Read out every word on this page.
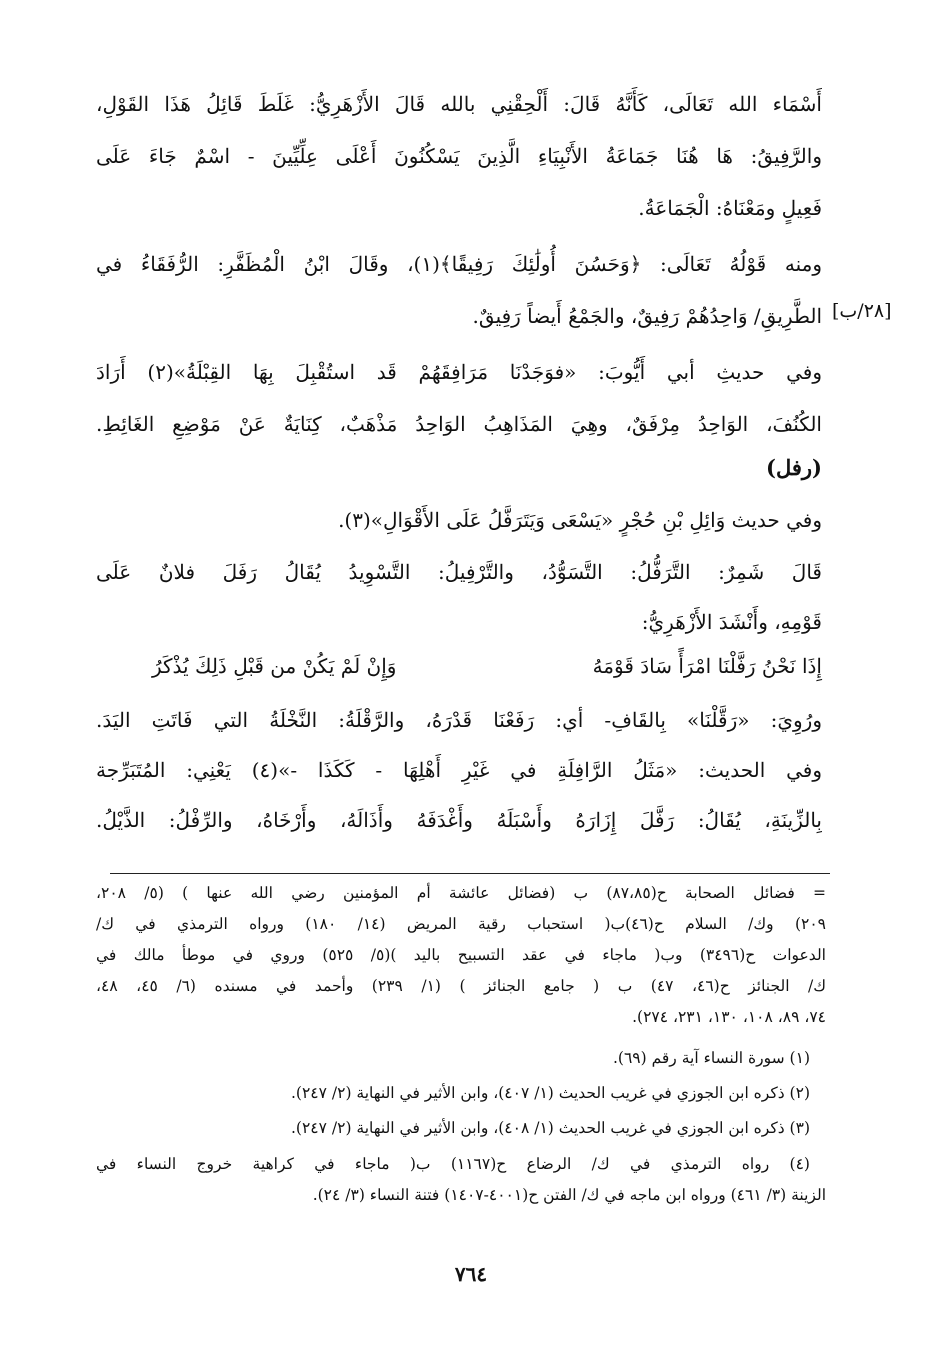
أَسْمَاء الله تَعَالَى، كَأَنَّهُ قَالَ: أَلْحِقْنِي بالله قَالَ الأَزْهَرِيُّ: غَلَطَ قَائِلُ هَذَا القَوْلِ،
والرَّفِيقُ: هَا هُنَا جَمَاعَةُ الأَنْبِيَاءِ الَّذِينَ يَسْكُنُونَ أَعْلَى عِلِّيِّينَ - اسْمٌ جَاءَ عَلَى
فَعِيلٍ ومَعْنَاهُ: الْجَمَاعَةُ.
ومنه قَوْلُهُ تَعَالَى: ﴿وَحَسُنَ أُولَٰئِكَ رَفِيقًا﴾(١)، وقَالَ ابْنُ الْمُظَفَّرِ: الرُّفَقَاءُ في
الطَّرِيقِ/ وَاحِدُهُمْ رَفِيقٌ، والجَمْعُ أَيضاً رَفِيقٌ.
وفي حديثِ أبي أَيُّوبَ: «فوَجَدْنَا مَرَافِقَهُمْ قَد استُقْبِلَ بِهَا القِبْلَةُ»(٢) أَرَادَ
الكُنُفَ، الوَاحِدُ مِرْفَقٌ، وهِيَ المَذَاهِبُ الوَاحِدُ مَذْهَبٌ، كِنَايَةٌ عَنْ مَوْضِعِ الغَائِطِ.
[٢٨/ب]
(رفل)
وفي حديث وَائِلِ بْنِ حُجْرٍ «يَسْعَى وَيَتَرَفَّلُ عَلَى الأَقْوَالِ»(٣).
قَالَ شَمِرٌ: التَّرَفُّلُ: التَّسَوُّدُ، والتَّرْفِيلُ: التَّسْوِيدُ يُقَالُ رَفَلَ فلانٌ عَلَى
قَوْمِهِ، وأَنْشَدَ الأَزْهَرِيُّ:
إِذَا نَحْنُ رَفَّلْنَا امْرَأً سَادَ قَوْمَهُ
وَإِنْ لَمْ يَكُنْ من قَبْلِ ذَلِكَ يُذْكَرُ
ورُوِيَ: «رَقَّلْنَا» بِالقَافِ- أي: رَفَعْنَا قَدْرَهُ، والرَّقْلَةُ: النَّخْلَةُ التي فَاتَتِ اليَدَ.
وفي الحديث: «مَثَلُ الرَّافِلَةِ في غَيْرِ أَهْلِهَا - كَكَذَا -»(٤) يَعْنِي: المُتَبَرِّجة
بِالزِّينَةِ، يُقَالُ: رَفَّلَ إِزَارَهُ وأَسْبَلَهُ وأَغْدَفَهُ وأَذَالَهُ، وأَرْخَاهُ، والرِّفْلُ: الذَّيْلُ.
= فضائل الصحابة ح(٨٧،٨٥) ب (فضائل عائشة أم المؤمنين رضي الله عنها ) (٥/ ٢٠٨،
٢٠٩) وك/ السلام ح(٤٦)ب( استحباب رقية المريض (١٤/ ١٨٠) ورواه الترمذي في ك/
الدعوات ح(٣٤٩٦) وب( ماجاء في عقد التسبيح باليد )(٥/ ٥٢٥) وروي في موطأ مالك في
ك/ الجنائز ح(٤٦، ٤٧) ب ( جامع الجنائز ) (١/ ٢٣٩) وأحمد في مسنده (٦/ ٤٥، ٤٨،
٧٤، ٨٩، ١٠٨، ١٣٠، ٢٣١، ٢٧٤).
(١) سورة النساء آية رقم (٦٩).
(٢) ذكره ابن الجوزي في غريب الحديث (١/ ٤٠٧)، وابن الأثير في النهاية (٢/ ٢٤٧).
(٣) ذكره ابن الجوزي في غريب الحديث (١/ ٤٠٨)، وابن الأثير في النهاية (٢/ ٢٤٧).
(٤) رواه الترمذي في ك/ الرضاع ح(١١٦٧) ب( ماجاء في كراهية خروج النساء في
الزينة (٣/ ٤٦١) ورواه ابن ماجه في ك/ الفتن ح(٤٠٠١-١٤٠٧) فتنة النساء (٣/ ٢٤).
٧٦٤
